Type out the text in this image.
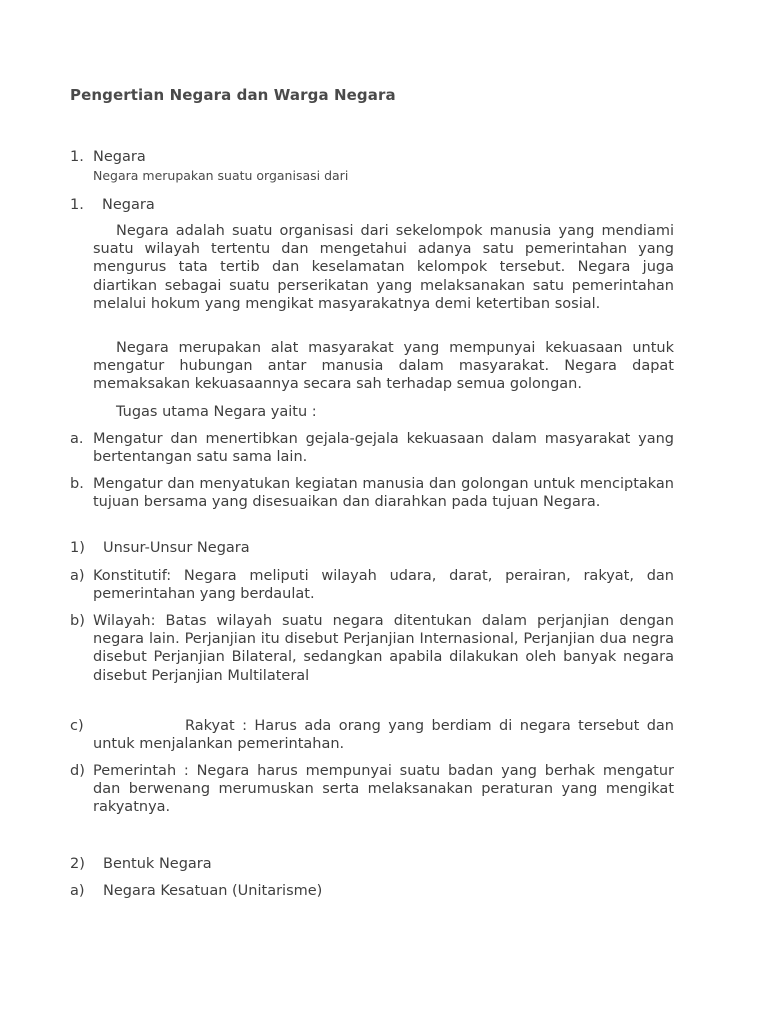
Pengertian Negara dan Warga Negara
1. Negara
Negara merupakan suatu organisasi dari
1. Negara
Negara adalah suatu organisasi dari sekelompok manusia yang mendiami suatu wilayah tertentu dan mengetahui adanya satu pemerintahan yang mengurus tata tertib dan keselamatan kelompok tersebut. Negara juga diartikan sebagai suatu perserikatan yang melaksanakan satu pemerintahan melalui hokum yang mengikat masyarakatnya demi ketertiban sosial.
Negara merupakan alat masyarakat yang mempunyai kekuasaan untuk mengatur hubungan antar manusia dalam masyarakat. Negara dapat memaksakan kekuasaannya secara sah terhadap semua golongan.
Tugas utama Negara yaitu :
a. Mengatur dan menertibkan gejala-gejala kekuasaan dalam masyarakat yang bertentangan satu sama lain.
b. Mengatur dan menyatukan kegiatan manusia dan golongan untuk menciptakan tujuan bersama yang disesuaikan dan diarahkan pada tujuan Negara.
1) Unsur-Unsur Negara
a) Konstitutif: Negara meliputi wilayah udara, darat, perairan, rakyat, dan pemerintahan yang berdaulat.
b) Wilayah: Batas wilayah suatu negara ditentukan dalam perjanjian dengan negara lain. Perjanjian itu disebut Perjanjian Internasional, Perjanjian dua negra disebut Perjanjian Bilateral, sedangkan apabila dilakukan oleh banyak negara disebut Perjanjian Multilateral
c)	Rakyat : Harus ada orang yang berdiam di negara tersebut dan untuk menjalankan pemerintahan.
d) Pemerintah : Negara harus mempunyai suatu badan yang berhak mengatur dan berwenang merumuskan serta melaksanakan peraturan yang mengikat rakyatnya.
2) Bentuk Negara
a) Negara Kesatuan (Unitarisme)
